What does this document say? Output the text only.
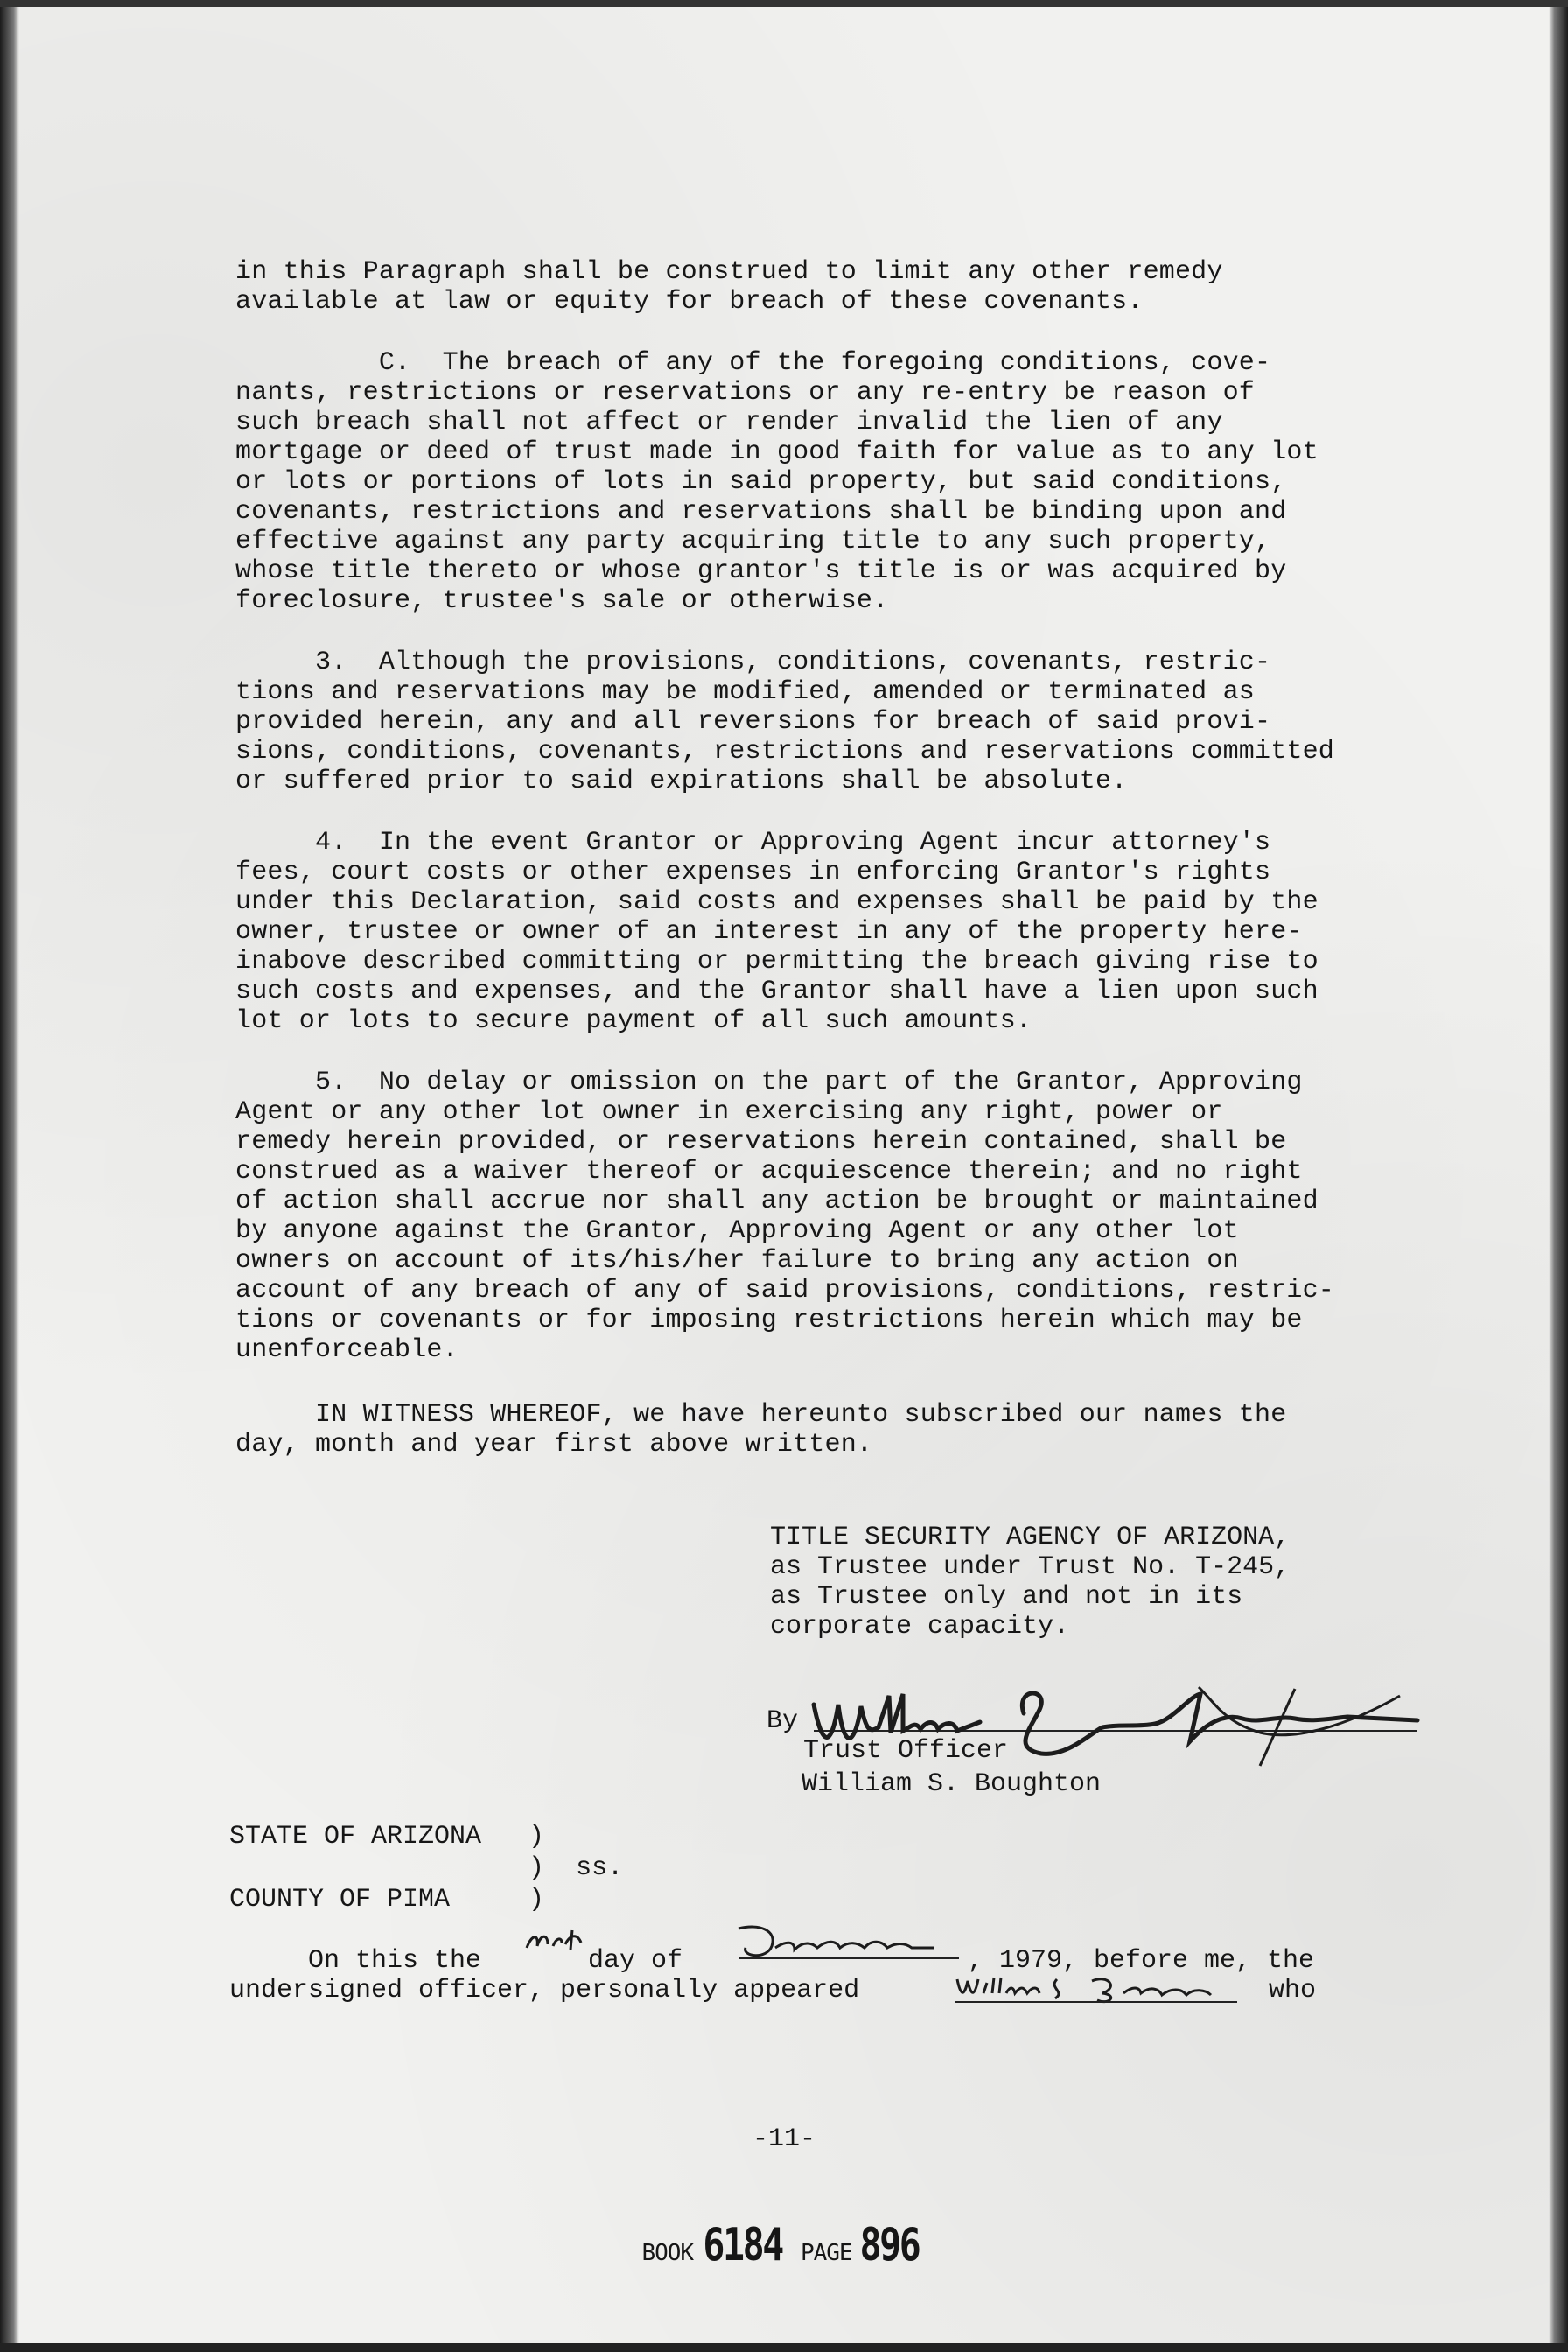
in this Paragraph shall be construed to limit any other remedy
available at law or equity for breach of these covenants.
C.  The breach of any of the foregoing conditions, cove-
nants, restrictions or reservations or any re-entry be reason of
such breach shall not affect or render invalid the lien of any
mortgage or deed of trust made in good faith for value as to any lot
or lots or portions of lots in said property, but said conditions,
covenants, restrictions and reservations shall be binding upon and
effective against any party acquiring title to any such property,
whose title thereto or whose grantor's title is or was acquired by
foreclosure, trustee's sale or otherwise.
3.  Although the provisions, conditions, covenants, restric-
tions and reservations may be modified, amended or terminated as
provided herein, any and all reversions for breach of said provi-
sions, conditions, covenants, restrictions and reservations committed
or suffered prior to said expirations shall be absolute.
4.  In the event Grantor or Approving Agent incur attorney's
fees, court costs or other expenses in enforcing Grantor's rights
under this Declaration, said costs and expenses shall be paid by the
owner, trustee or owner of an interest in any of the property here-
inabove described committing or permitting the breach giving rise to
such costs and expenses, and the Grantor shall have a lien upon such
lot or lots to secure payment of all such amounts.
5.  No delay or omission on the part of the Grantor, Approving
Agent or any other lot owner in exercising any right, power or
remedy herein provided, or reservations herein contained, shall be
construed as a waiver thereof or acquiescence therein; and no right
of action shall accrue nor shall any action be brought or maintained
by anyone against the Grantor, Approving Agent or any other lot
owners on account of its/his/her failure to bring any action on
account of any breach of any of said provisions, conditions, restric-
tions or covenants or for imposing restrictions herein which may be
unenforceable.
IN WITNESS WHEREOF, we have hereunto subscribed our names the
day, month and year first above written.
TITLE SECURITY AGENCY OF ARIZONA,
as Trustee under Trust No. T-245,
as Trustee only and not in its
corporate capacity.
By
Trust Officer
William S. Boughton
STATE OF ARIZONA   )
)  ss.
COUNTY OF PIMA     )
On this the	day of	, 1979, before me, the
undersigned officer, personally appeared	who
-11-
BOOK 6184 PAGE 896
